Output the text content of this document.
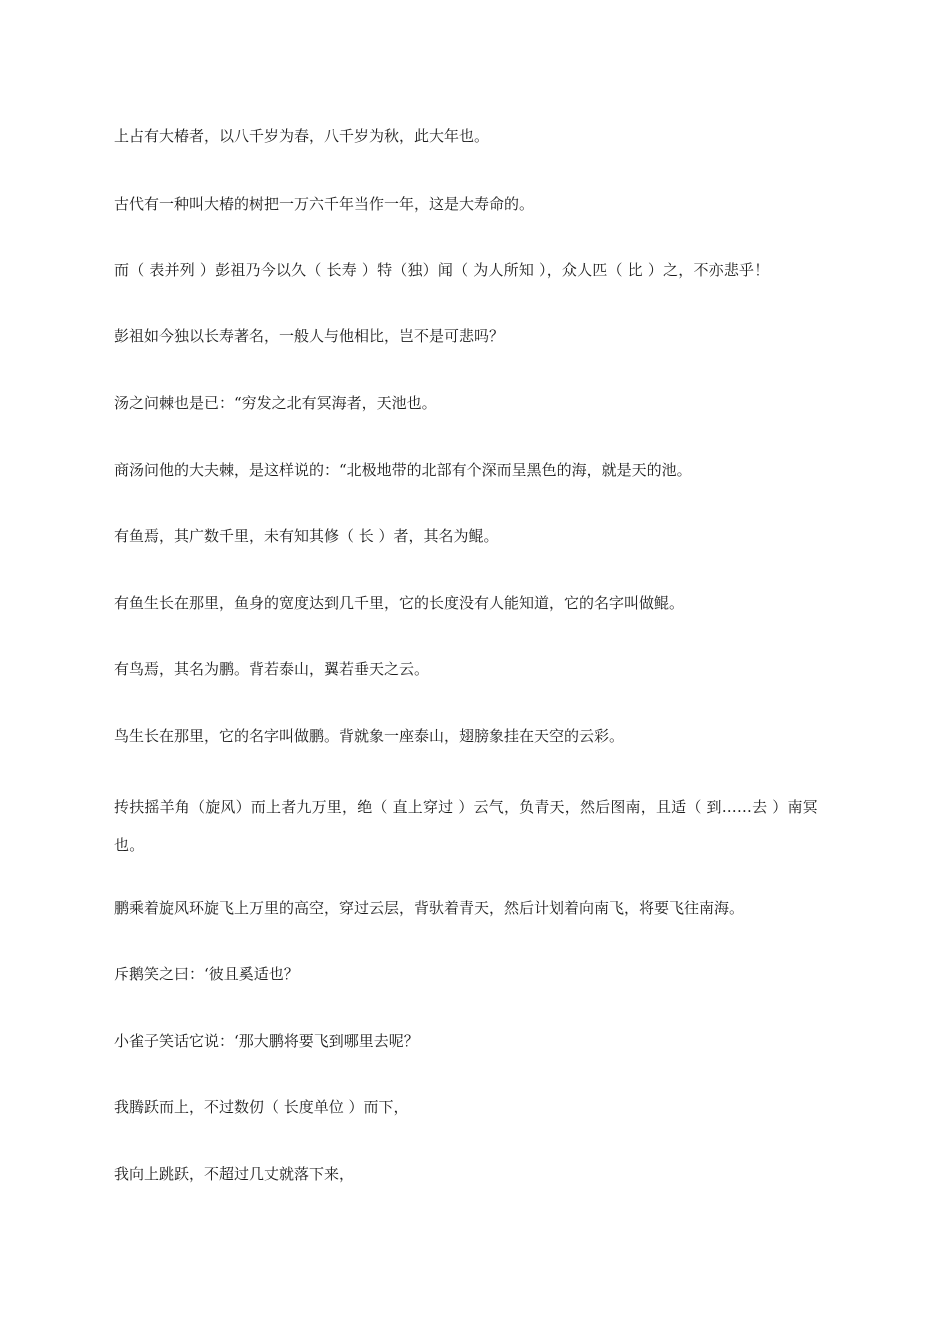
上占有大椿者，以八千岁为春，八千岁为秋，此大年也。

古代有一种叫大椿的树把一万六千年当作一年，这是大寿命的。

而（ 表并列 ）彭祖乃今以久（ 长寿 ）特（独）闻（ 为人所知 ），众人匹（ 比 ）之，不亦悲乎！

彭祖如今独以长寿著名，一般人与他相比，岂不是可悲吗？

汤之问棘也是已：“穷发之北有冥海者，天池也。

商汤问他的大夫棘，是这样说的：“北极地带的北部有个深而呈黑色的海，就是天的池。

有鱼焉，其广数千里，未有知其修（ 长 ）者，其名为鲲。

有鱼生长在那里，鱼身的宽度达到几千里，它的长度没有人能知道，它的名字叫做鲲。

有鸟焉，其名为鹏。背若泰山，翼若垂天之云。

鸟生长在那里，它的名字叫做鹏。背就象一座泰山，翅膀象挂在天空的云彩。

抟扶摇羊角（旋风）而上者九万里，绝（ 直上穿过 ）云气，负青天，然后图南，且适（ 到……去 ）南冥也。

鹏乘着旋风环旋飞上万里的高空，穿过云层，背驮着青天，然后计划着向南飞，将要飞往南海。

斥鹅笑之曰：‘彼且奚适也？

小雀子笑话它说：‘那大鹏将要飞到哪里去呢？

我腾跃而上，不过数仞（ 长度单位 ）而下，

我向上跳跃，不超过几丈就落下来，
